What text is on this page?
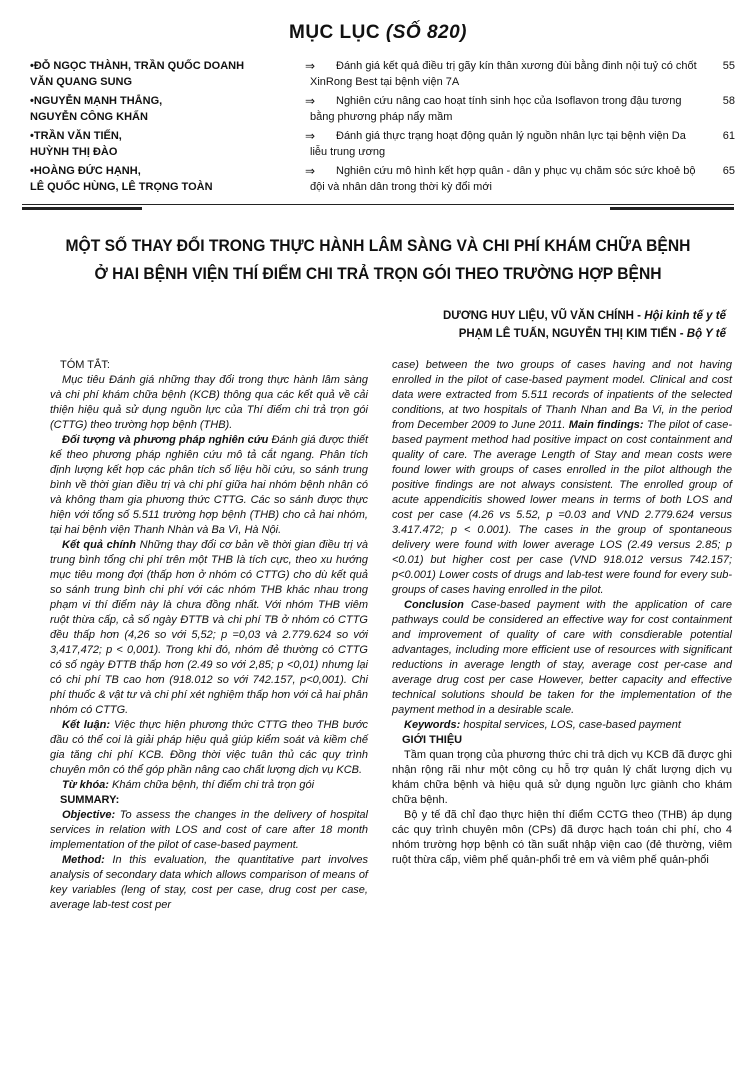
MỤC LỤC (SỐ 820)
•ĐỖ NGỌC THÀNH, TRẦN QUỐC DOANH
VĂN QUANG SUNG
⇒	Đánh giá kết quả điều trị gãy kín thân xương đùi bằng đinh nội tuỷ có chốt XinRong Best tại bệnh viện 7A
55
•NGUYỄN MẠNH THẮNG,
NGUYỄN CÔNG KHẨN
⇒	Nghiên cứu nâng cao hoạt tính sinh học của Isoflavon trong đậu tương bằng phương pháp nẩy mầm
58
•TRẦN VĂN TIẾN,
HUỲNH THỊ ĐÀO
⇒	Đánh giá thực trạng hoạt động quản lý nguồn nhân lực tại bệnh viện Da liễu trung ương
61
•HOÀNG ĐỨC HẠNH,
LÊ QUỐC HÙNG, LÊ TRỌNG TOÀN
⇒	Nghiên cứu mô hình kết hợp quân - dân y phục vụ chăm sóc sức khoẻ bộ đội và nhân dân trong thời kỳ đổi mới
65
MỘT SỐ THAY ĐỔI TRONG THỰC HÀNH LÂM SÀNG VÀ CHI PHÍ KHÁM CHỮA BỆNH
Ở HAI BỆNH VIỆN THÍ ĐIỂM CHI TRẢ TRỌN GÓI THEO TRƯỜNG HỢP BỆNH
DƯƠNG HUY LIỆU, VŨ VĂN CHÍNH - Hội kinh tế y tế
PHẠM LÊ TUẤN, NGUYỄN THỊ KIM TIẾN - Bộ Y tế

TÓM TẮT:

Mục tiêu Đánh giá những thay đổi trong thực hành lâm sàng và chi phí khám chữa bệnh (KCB) thông qua các kết quả về cải thiện hiệu quả sử dụng nguồn lực của Thí điểm chi trả trọn gói (CTTG) theo trường hợp bệnh (THB).

Đối tượng và phương pháp nghiên cứu Đánh giá được thiết kế theo phương pháp nghiên cứu mô tả cắt ngang. Phân tích định lượng kết hợp các phân tích số liệu hồi cứu, so sánh trung bình về thời gian điều trị và chi phí giữa hai nhóm bệnh nhân có và không tham gia phương thức CTTG. Các so sánh được thực hiện với tổng số 5.511 trường hợp bệnh (THB) cho cả hai nhóm, tại hai bệnh viện Thanh Nhàn và Ba Vì, Hà Nội.

Kết quả chính Những thay đổi cơ bản về thời gian điều trị và trung bình tổng chi phí trên một THB là tích cực, theo xu hướng mục tiêu mong đợi (thấp hơn ở nhóm có CTTG) cho dù kết quả so sánh trung bình chi phí với các nhóm THB khác nhau trong phạm vi thí điểm này là chưa đồng nhất. Với nhóm THB viêm ruột thừa cấp, cả số ngày ĐTTB và chi phí TB ở nhóm có CTTG đều thấp hơn (4,26 so với 5,52; p =0,03 và 2.779.624 so với 3,417,472; p < 0,001). Trong khi đó, nhóm đẻ thường có CTTG có số ngày ĐTTB thấp hơn (2.49 so với 2,85; p <0,01) nhưng lại có chi phí TB cao hơn (918.012 so với 742.157, p<0,001). Chi phí thuốc & vật tư và chi phí xét nghiệm thấp hơn với cả hai phân nhóm có CTTG.

Kết luận: Việc thực hiện phương thức CTTG theo THB bước đầu có thể coi là giải pháp hiệu quả giúp kiểm soát và kiềm chế gia tăng chi phí KCB. Đồng thời việc tuân thủ các quy trình chuyên môn có thể góp phần nâng cao chất lượng dịch vụ KCB.

Từ khóa: Khám chữa bệnh, thí điểm chi trả trọn gói

SUMMARY:

Objective: To assess the changes in the delivery of hospital services in relation with LOS and cost of care after 18 month implementation of the pilot of case-based payment.

Method: In this evaluation, the quantitative part involves analysis of secondary data which allows comparison of means of key variables (leng of stay, cost per case, drug cost per case, average lab-test cost per

case) between the two groups of cases having and not having enrolled in the pilot of case-based payment model. Clinical and cost data were extracted from 5.511 records of inpatients of the selected conditions, at two hospitals of Thanh Nhan and Ba Vi, in the period from December 2009 to June 2011. Main findings: The pilot of case-based payment method had positive impact on cost containment and quality of care. The average Length of Stay and mean costs were found lower with groups of cases enrolled in the pilot although the positive findings are not always consistent. The enrolled group of acute appendicitis showed lower means in terms of both LOS and cost per case (4.26 vs 5.52, p =0.03 and VND 2.779.624 versus 3.417.472; p < 0.001). The cases in the group of spontaneous delivery were found with lower average LOS (2.49 versus 2.85; p <0.01) but higher cost per case (VND 918.012 versus 742.157; p<0.001) Lower costs of drugs and lab-test were found for every sub-groups of cases having enrolled in the pilot.

Conclusion Case-based payment with the application of care pathways could be considered an effective way for cost containment and improvement of quality of care with consdierable potential advantages, including more efficient use of resources with significant reductions in average length of stay, average cost per-case and average drug cost per case However, better capacity and effective technical solutions should be taken for the implementation of the payment method in a desirable scale.

Keywords: hospital services, LOS, case-based payment

GIỚI THIỆU

Tầm quan trọng của phương thức chi trả dịch vụ KCB đã được ghi nhận rộng rãi như một công cụ hỗ trợ quản lý chất lượng dịch vụ khám chữa bệnh và hiệu quả sử dụng nguồn lực giành cho khám chữa bệnh.

Bộ y tế đã chỉ đạo thực hiện thí điểm CCTG theo (THB) áp dụng các quy trình chuyên môn (CPs) đã được hạch toán chi phí, cho 4 nhóm trường hợp bệnh có tần suất nhập viện cao (đẻ thường, viêm ruột thừa cấp, viêm phế quản-phổi trẻ em và viêm phế quản-phổi
